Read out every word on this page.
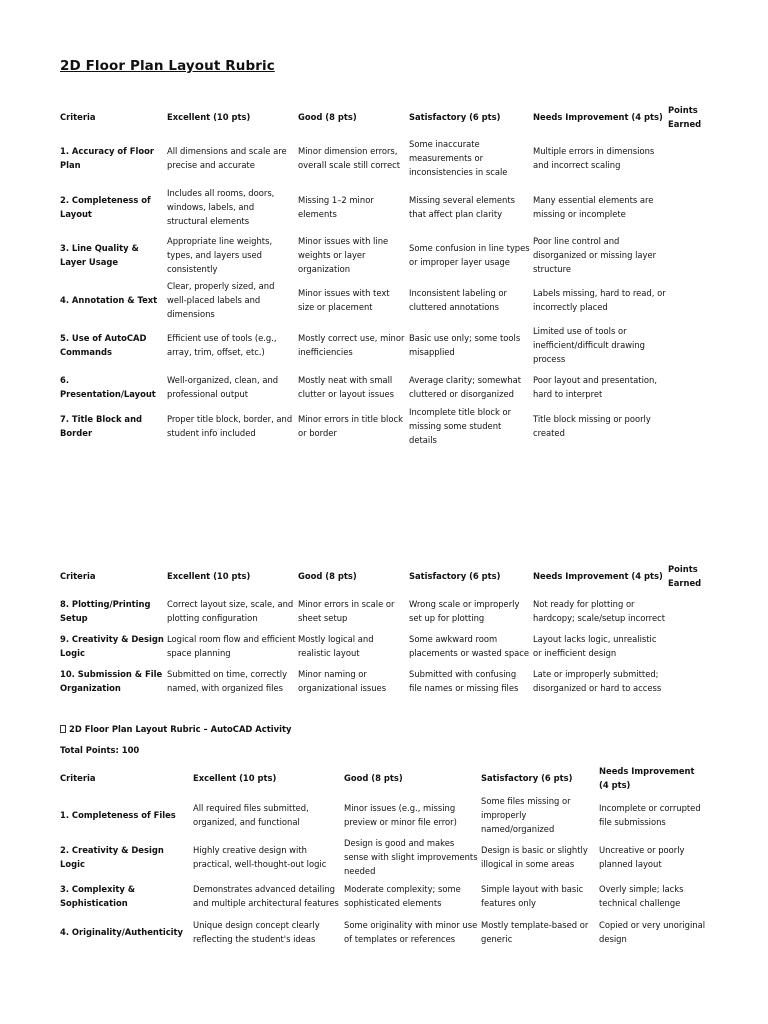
2D Floor Plan Layout Rubric
Criteria	Excellent (10 pts)	Good (8 pts)	Satisfactory (6 pts)	Needs Improvement (4 pts)	Points Earned
1. Accuracy of Floor Plan	All dimensions and scale are precise and accurate	Minor dimension errors, overall scale still correct	Some inaccurate measurements or inconsistencies in scale	Multiple errors in dimensions and incorrect scaling	
2. Completeness of Layout	Includes all rooms, doors, windows, labels, and structural elements	Missing 1–2 minor elements	Missing several elements that affect plan clarity	Many essential elements are missing or incomplete	
3. Line Quality & Layer Usage	Appropriate line weights, types, and layers used consistently	Minor issues with line weights or layer organization	Some confusion in line types or improper layer usage	Poor line control and disorganized or missing layer structure	
4. Annotation & Text	Clear, properly sized, and well-placed labels and dimensions	Minor issues with text size or placement	Inconsistent labeling or cluttered annotations	Labels missing, hard to read, or incorrectly placed	
5. Use of AutoCAD Commands	Efficient use of tools (e.g., array, trim, offset, etc.)	Mostly correct use, minor inefficiencies	Basic use only; some tools misapplied	Limited use of tools or inefficient/difficult drawing process	
6. Presentation/Layout	Well-organized, clean, and professional output	Mostly neat with small clutter or layout issues	Average clarity; somewhat cluttered or disorganized	Poor layout and presentation, hard to interpret	
7. Title Block and Border	Proper title block, border, and student info included	Minor errors in title block or border	Incomplete title block or missing some student details	Title block missing or poorly created	
Criteria	Excellent (10 pts)	Good (8 pts)	Satisfactory (6 pts)	Needs Improvement (4 pts)	Points Earned
8. Plotting/Printing Setup	Correct layout size, scale, and plotting configuration	Minor errors in scale or sheet setup	Wrong scale or improperly set up for plotting	Not ready for plotting or hardcopy; scale/setup incorrect	
9. Creativity & Design Logic	Logical room flow and efficient space planning	Mostly logical and realistic layout	Some awkward room placements or wasted space	Layout lacks logic, unrealistic or inefficient design	
10. Submission & File Organization	Submitted on time, correctly named, with organized files	Minor naming or organizational issues	Submitted with confusing file names or missing files	Late or improperly submitted; disorganized or hard to access	
2D Floor Plan Layout Rubric – AutoCAD Activity
Total Points: 100
Criteria	Excellent (10 pts)	Good (8 pts)	Satisfactory (6 pts)	Needs Improvement (4 pts)
1. Completeness of Files	All required files submitted, organized, and functional	Minor issues (e.g., missing preview or minor file error)	Some files missing or improperly named/organized	Incomplete or corrupted file submissions
2. Creativity & Design Logic	Highly creative design with practical, well-thought-out logic	Design is good and makes sense with slight improvements needed	Design is basic or slightly illogical in some areas	Uncreative or poorly planned layout
3. Complexity & Sophistication	Demonstrates advanced detailing and multiple architectural features	Moderate complexity; some sophisticated elements	Simple layout with basic features only	Overly simple; lacks technical challenge
4. Originality/Authenticity	Unique design concept clearly reflecting the student's ideas	Some originality with minor use of templates or references	Mostly template-based or generic	Copied or very unoriginal design
